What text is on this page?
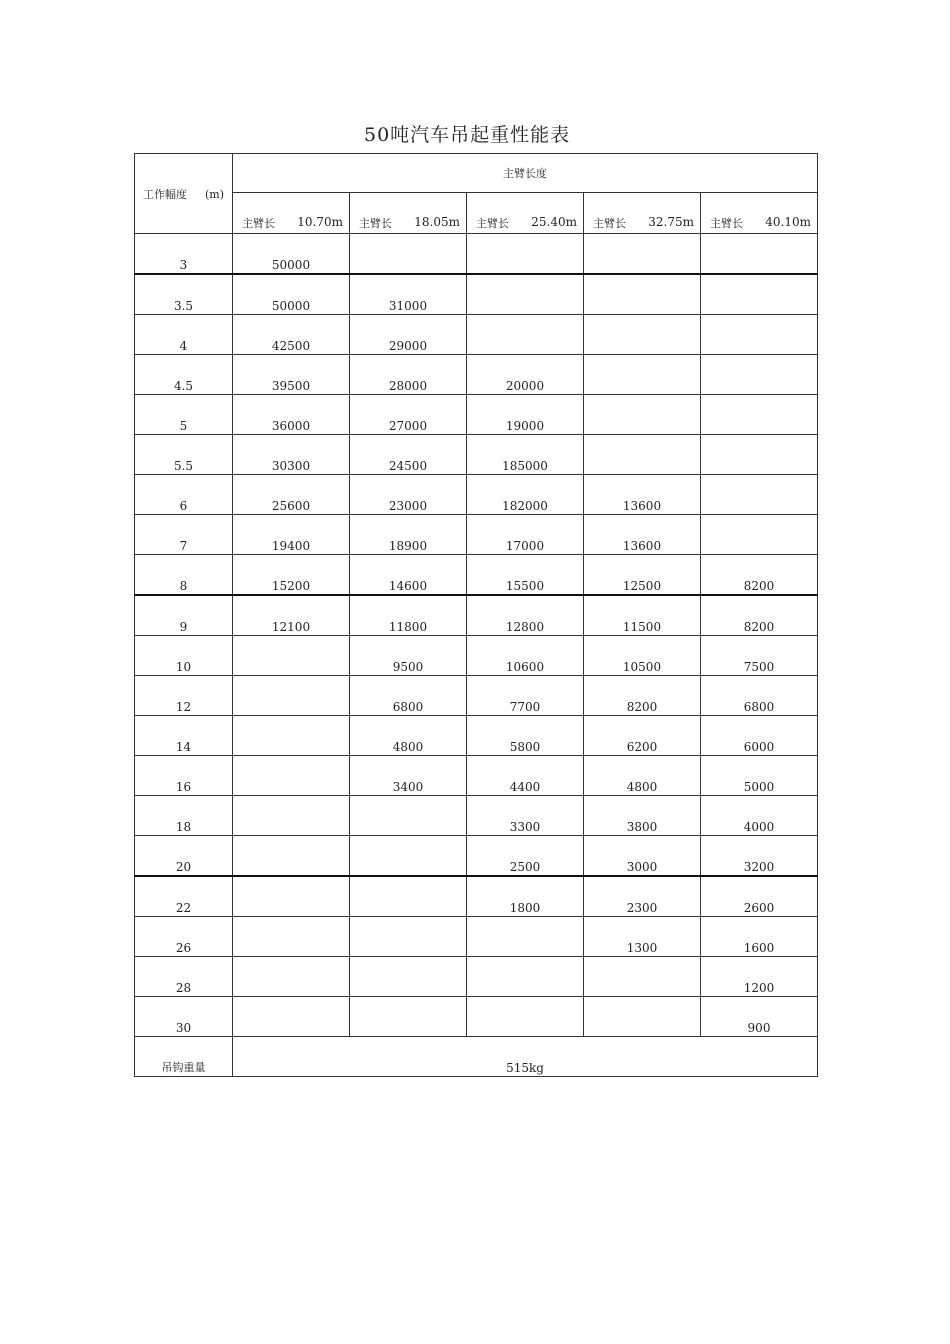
50吨汽车吊起重性能表
工作幅度 (m)	主臂长度				
	主臂长 10.70m	主臂长 18.05m	主臂长 25.40m	主臂长 32.75m	主臂长 40.10m

3	50000				
3.5	50000	31000			
4	42500	29000			
4.5	39500	28000	20000		
5	36000	27000	19000		
5.5	30300	24500	185000		
6	25600	23000	182000	13600	
7	19400	18900	17000	13600	
8	15200	14600	15500	12500	8200
9	12100	11800	12800	11500	8200
10		9500	10600	10500	7500
12		6800	7700	8200	6800
14		4800	5800	6200	6000
16		3400	4400	4800	5000
18			3300	3800	4000
20			2500	3000	3200
22			1800	2300	2600
26				1300	1600
28					1200
30					900
吊钩重量	515kg				
